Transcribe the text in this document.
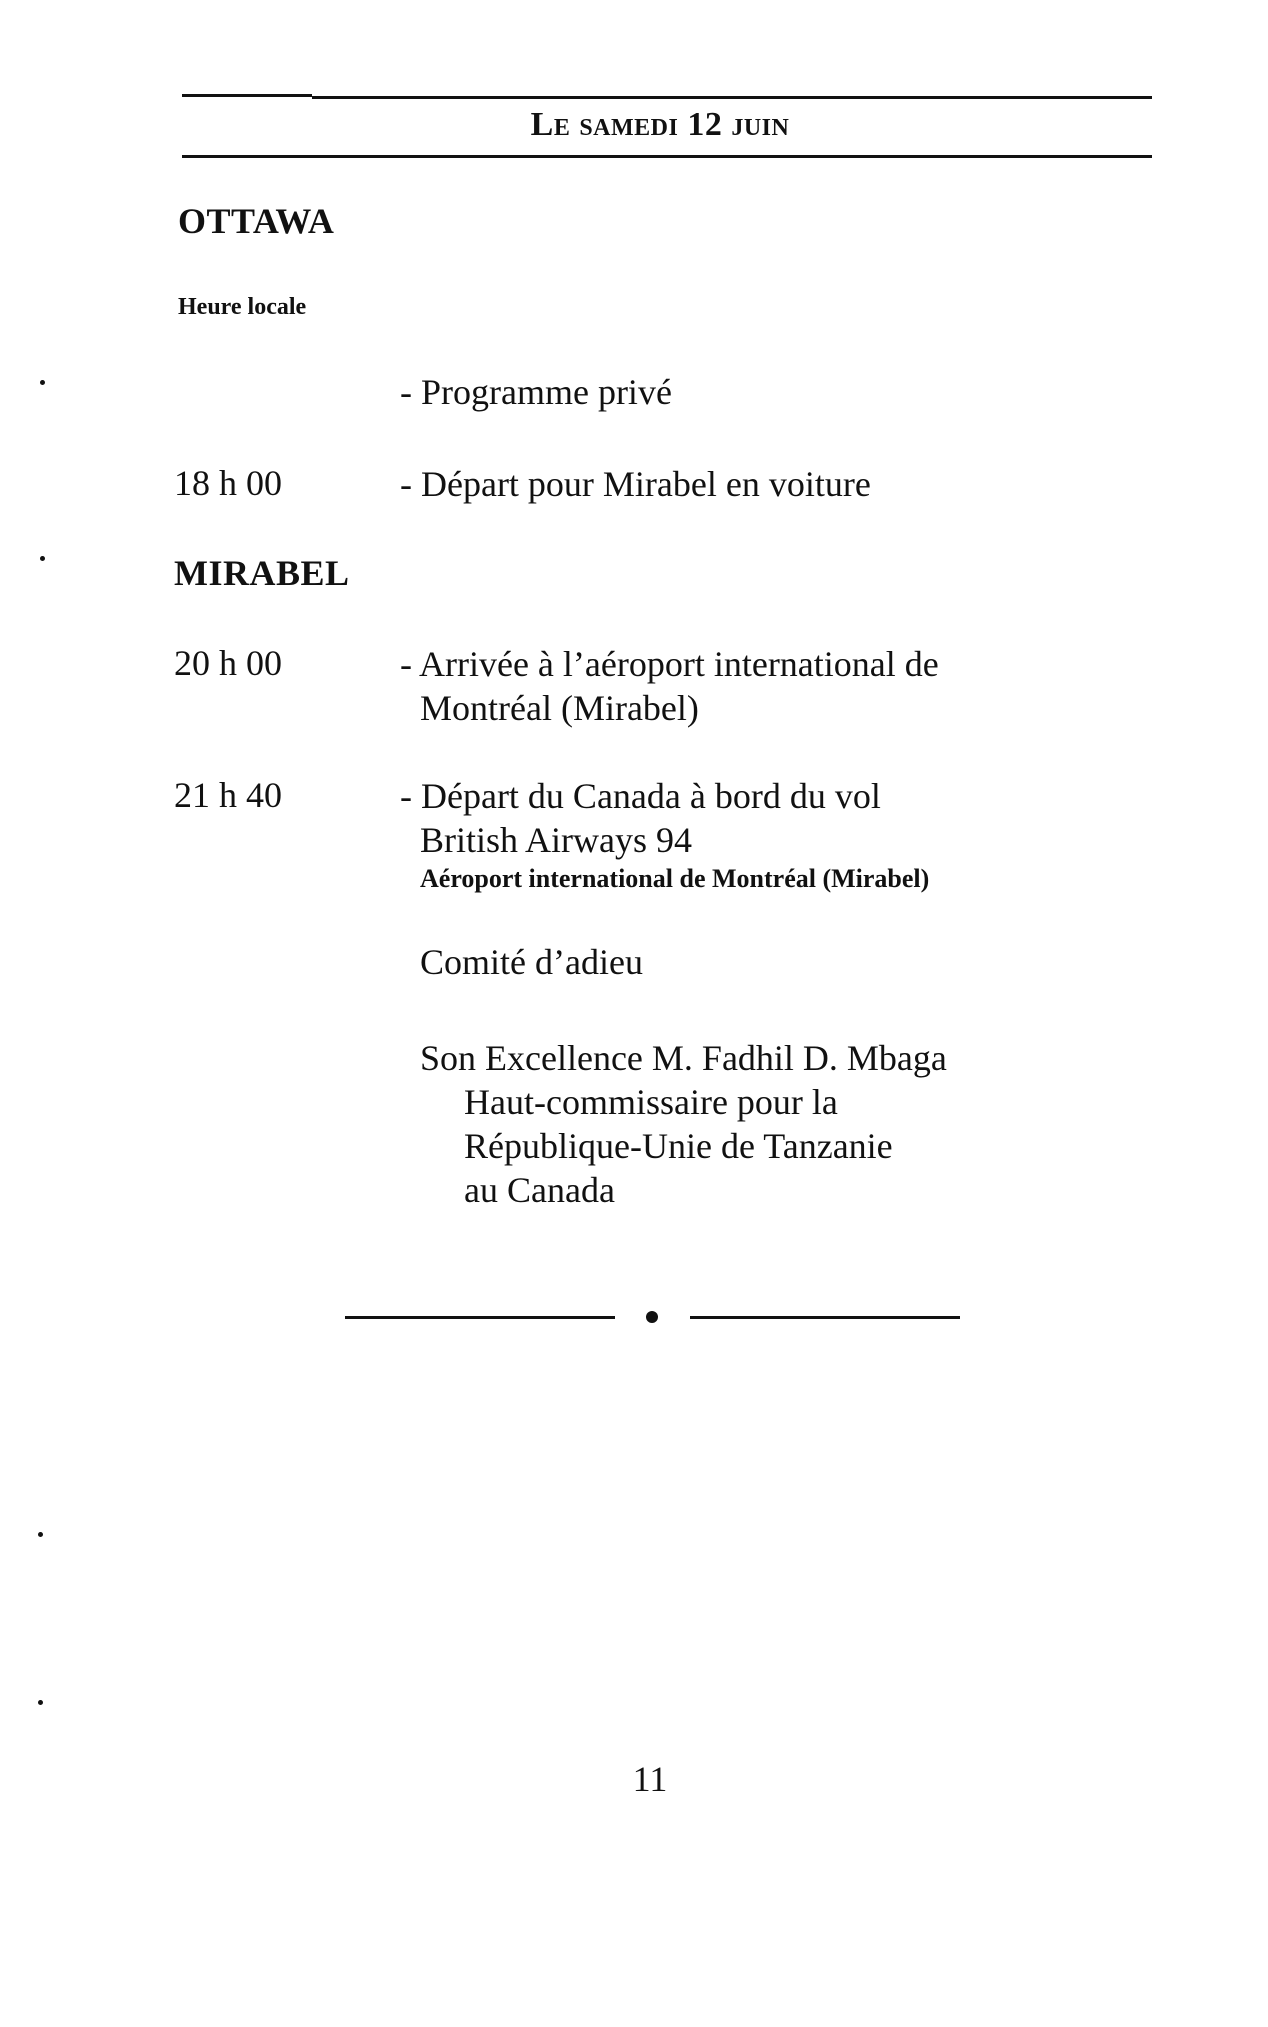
Le samedi 12 juin
OTTAWA
Heure locale
- Programme privé
18 h 00	- Départ pour Mirabel en voiture
MIRABEL
20 h 00	- Arrivée à l’aéroport international de
Montréal (Mirabel)
21 h 40	- Départ du Canada à bord du vol
British Airways 94
Aéroport international de Montréal (Mirabel)
Comité d’adieu
Son Excellence M. Fadhil D. Mbaga
Haut-commissaire pour la
République-Unie de Tanzanie
au Canada
11
